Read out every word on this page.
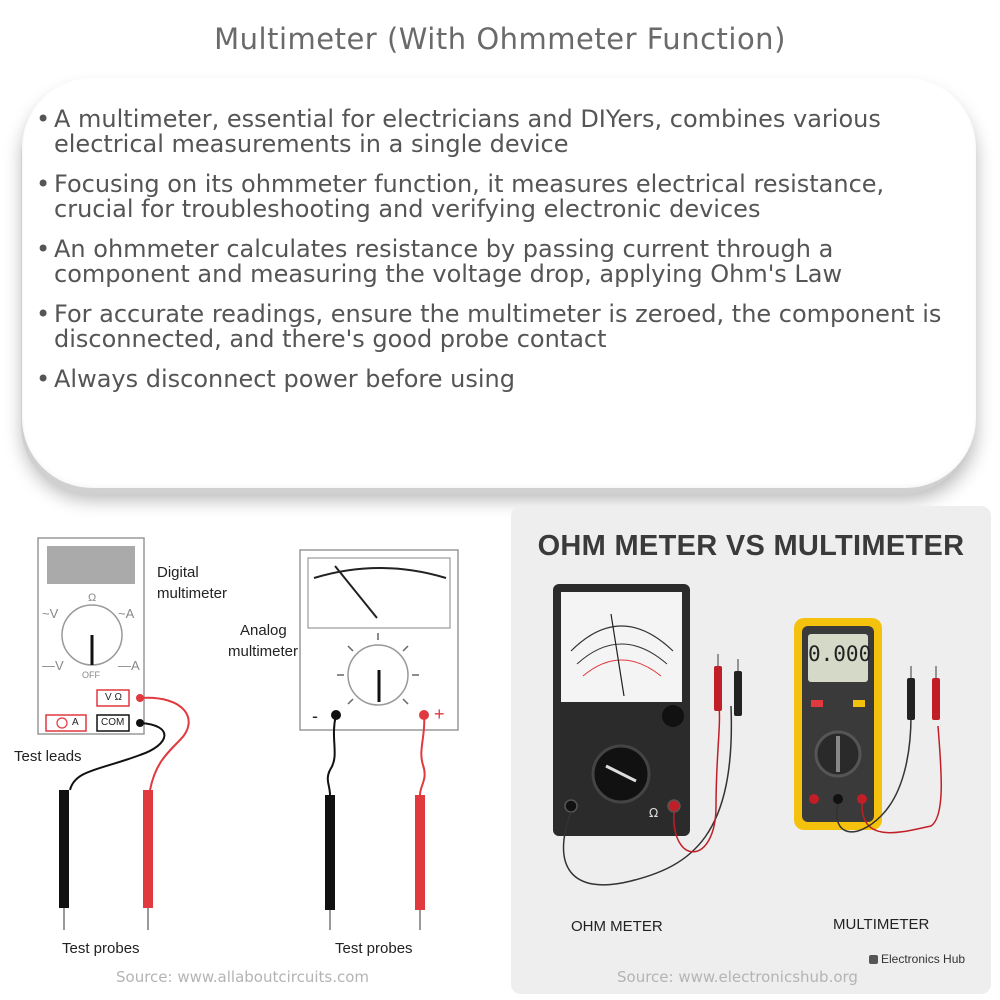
Multimeter (With Ohmmeter Function)
• A multimeter, essential for electricians and DIYers, combines various electrical measurements in a single device
• Focusing on its ohmmeter function, it measures electrical resistance, crucial for troubleshooting and verifying electronic devices
• An ohmmeter calculates resistance by passing current through a component and measuring the voltage drop, applying Ohm's Law
• For accurate readings, ensure the multimeter is zeroed, the component is disconnected, and there's good probe contact
• Always disconnect power before using
Digital
multimeter
Analog
multimeter
Test leads
Test probes	Test probes
Ω
~V	~A
—V	—A
OFF
V Ω
A COM	-	+
Source: www.allaboutcircuits.com
OHM METER VS MULTIMETER
0.000
Ω
OHM METER	MULTIMETER
Electronics Hub
Source: www.electronicshub.org
